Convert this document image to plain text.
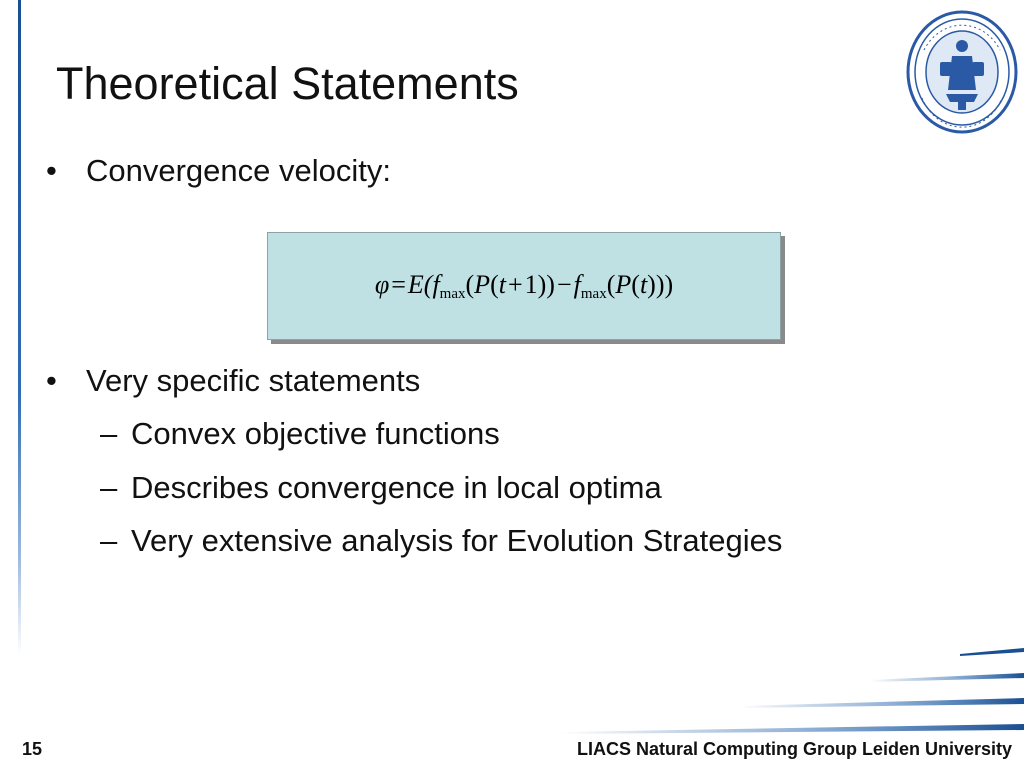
Theoretical Statements
• Convergence velocity:
φ=E(fmax(P(t+1))−fmax(P(t)))
• Very specific statements
– Convex objective functions
– Describes convergence in local optima
– Very extensive analysis for Evolution Strategies
15	LIACS Natural Computing Group Leiden University
